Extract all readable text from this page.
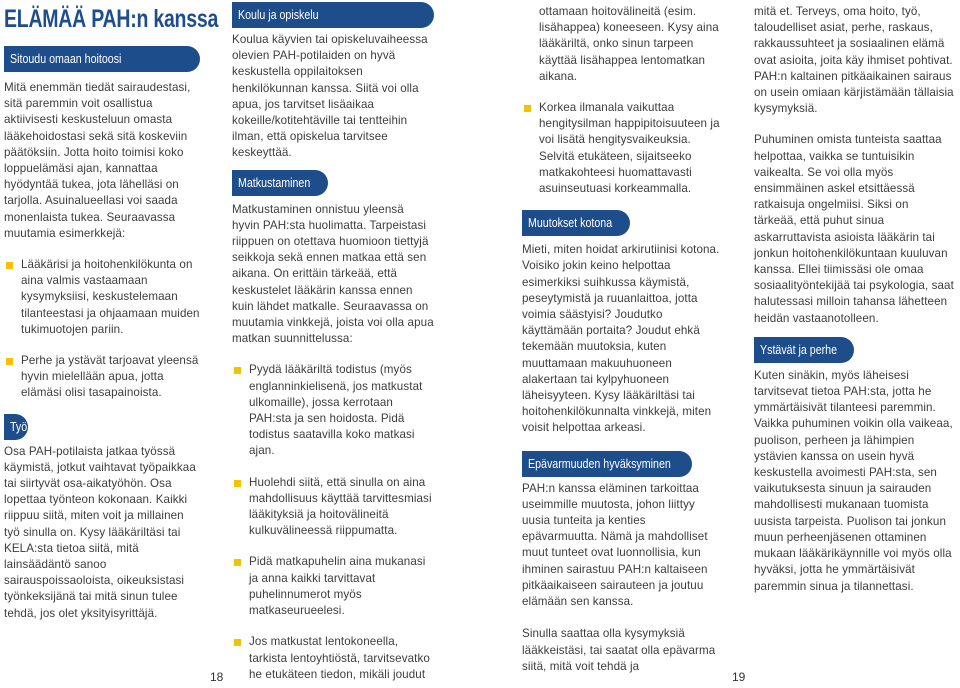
ELÄMÄÄ PAH:n kanssa
Sitoudu omaan hoitoosi

Mitä enemmän tiedät sairaudestasi, sitä paremmin voit osallistua aktiivisesti keskusteluun omasta lääkehoidostasi sekä sitä koskeviin päätöksiin. Jotta hoito toimisi koko loppuelämäsi ajan, kannattaa hyödyntää tukea, jota lähelläsi on tarjolla. Asuinalueellasi voi saada monenlaista tukea. Seuraavassa muutamia esimerkkejä:

Lääkärisi ja hoitohenkilökunta on aina valmis vastaamaan kysymyksiisi, keskustelemaan tilanteestasi ja ohjaamaan muiden tukimuotojen pariin.

Perhe ja ystävät tarjoavat yleensä hyvin mielellään apua, jotta elämäsi olisi tasapainoista.

Työ

Osa PAH-potilaista jatkaa työssä käymistä, jotkut vaihtavat työpaikkaa tai siirtyvät osa-aikatyöhön. Osa lopettaa työnteon kokonaan. Kaikki riippuu siitä, miten voit ja millainen työ sinulla on. Kysy lääkäriltäsi tai KELA:sta tietoa siitä, mitä lainsäädäntö sanoo sairauspoissaoloista, oikeuksistasi työnkeksijänä tai mitä sinun tulee tehdä, jos olet yksityisyrittäjä.

Koulu ja opiskelu

Koulua käyvien tai opiskeluvaiheessa olevien PAH-potilaiden on hyvä keskustella oppilaitoksen henkilökunnan kanssa. Siitä voi olla apua, jos tarvitset lisäaikaa kokeille/kotitehtäville tai tentteihin ilman, että opiskelua tarvitsee keskeyttää.

Matkustaminen

Matkustaminen onnistuu yleensä hyvin PAH:sta huolimatta. Tarpeistasi riippuen on otettava huomioon tiettyjä seikkoja sekä ennen matkaa että sen aikana. On erittäin tärkeää, että keskustelet lääkärin kanssa ennen kuin lähdet matkalle. Seuraavassa on muutamia vinkkejä, joista voi olla apua matkan suunnittelussa:

Pyydä lääkäriltä todistus (myös englanninkielisenä, jos matkustat ulkomaille), jossa kerrotaan PAH:sta ja sen hoidosta. Pidä todistus saatavilla koko matkasi ajan.

Huolehdi siitä, että sinulla on aina mahdollisuus käyttää tarvittesmiasi lääkityksiä ja hoitovälineitä kulkuvälineessä riippumatta.

Pidä matkapuhelin aina mukanasi ja anna kaikki tarvittavat puhelinnumerot myös matkaseurueelesi.

Jos matkustat lentokoneella, tarkista lentoyhtiöstä, tarvitsevatko he etukäteen tiedon, mikäli joudut

ottamaan hoitovälineitä (esim. lisähappea) koneeseen. Kysy aina lääkäriltä, onko sinun tarpeen käyttää lisähappea lentomatkan aikana.

Korkea ilmanala vaikuttaa hengitysilman happipitoisuuteen ja voi lisätä hengitysvaikeuksia. Selvitä etukäteen, sijaitseeko matkakohteesi huomattavasti asuinseutuasi korkeammalla.

Muutokset kotona

Mieti, miten hoidat arkirutiinisi kotona. Voisiko jokin keino helpottaa esimerkiksi suihkussa käymistä, peseytymistä ja ruuanlaittoa, jotta voimia säästyisi? Joudutko käyttämään portaita? Joudut ehkä tekemään muutoksia, kuten muuttamaan makuuhuoneen alakertaan tai kylpyhuoneen läheisyyteen. Kysy lääkäriltäsi tai hoitohenkilökunnalta vinkkejä, miten voisit helpottaa arkeasi.

Epävarmuuden hyväksyminen

PAH:n kanssa eläminen tarkoittaa useimmille muutosta, johon liittyy uusia tunteita ja kenties epävarmuutta. Nämä ja mahdolliset muut tunteet ovat luonnollisia, kun ihminen sairastuu PAH:n kaltaiseen pitkäaikaiseen sairauteen ja joutuu elämään sen kanssa.

Sinulla saattaa olla kysymyksiä lääkkeistäsi, tai saatat olla epävarma siitä, mitä voit tehdä ja

mitä et. Terveys, oma hoito, työ, taloudelliset asiat, perhe, raskaus, rakkaussuhteet ja sosiaalinen elämä ovat asioita, joita käy ihmiset pohtivat. PAH:n kaltainen pitkäaikainen sairaus on usein omiaan kärjistämään tällaisia kysymyksiä.

Puhuminen omista tunteista saattaa helpottaa, vaikka se tuntuisikin vaikealta. Se voi olla myös ensimmäinen askel etsittäessä ratkaisuja ongelmiisi. Siksi on tärkeää, että puhut sinua askarruttavista asioista lääkärin tai jonkun hoitohenkilökuntaan kuuluvan kanssa. Ellei tiimissäsi ole omaa sosiaalityöntekijää tai psykologia, saat halutessasi milloin tahansa lähetteen heidän vastaanotolleen.

Ystävät ja perhe

Kuten sinäkin, myös läheisesi tarvitsevat tietoa PAH:sta, jotta he ymmärtäisivät tilanteesi paremmin. Vaikka puhuminen voikin olla vaikeaa, puolison, perheen ja lähimpien ystävien kanssa on usein hyvä keskustella avoimesti PAH:sta, sen vaikutuksesta sinuun ja sairauden mahdollisesti mukanaan tuomista uusista tarpeista. Puolison tai jonkun muun perheenjäsenen ottaminen mukaan lääkärikäynnille voi myös olla hyväksi, jotta he ymmärtäisivät paremmin sinua ja tilannettasi.

18	19
